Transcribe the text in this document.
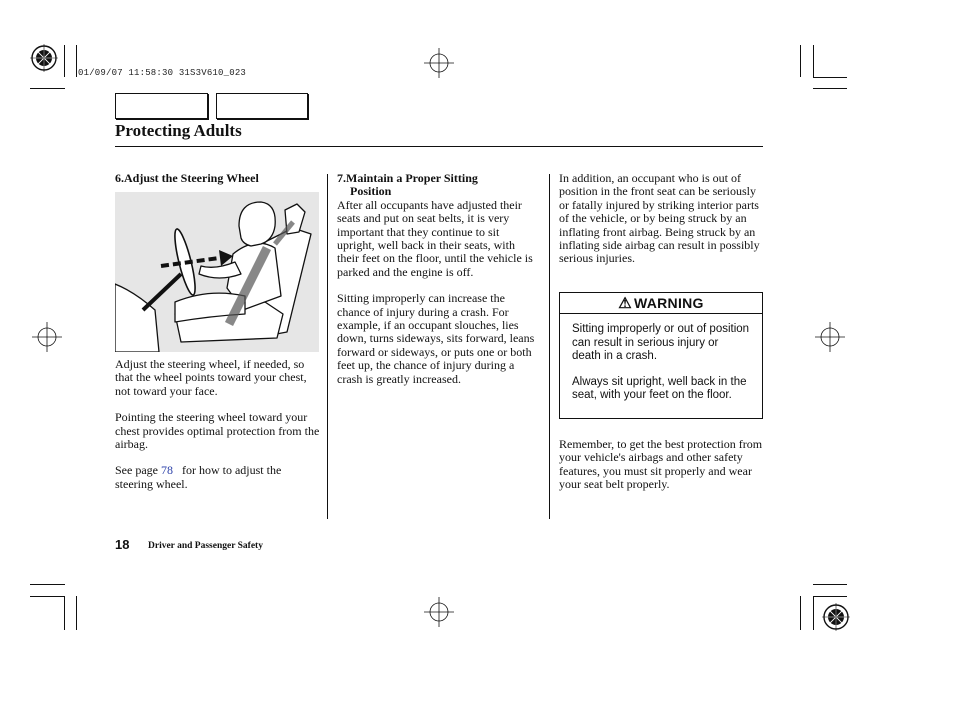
01/09/07 11:58:30 31S3V610_023
Protecting Adults
6.Adjust the Steering Wheel

Adjust the steering wheel, if needed, so that the wheel points toward your chest, not toward your face.

Pointing the steering wheel toward your chest provides optimal protection from the airbag.

See page 78 for how to adjust the steering wheel.

7.Maintain a Proper Sitting
Position

After all occupants have adjusted their seats and put on seat belts, it is very important that they continue to sit upright, well back in their seats, with their feet on the floor, until the vehicle is parked and the engine is off.

Sitting improperly can increase the chance of injury during a crash. For example, if an occupant slouches, lies down, turns sideways, sits forward, leans forward or sideways, or puts one or both feet up, the chance of injury during a crash is greatly increased.

In addition, an occupant who is out of position in the front seat can be seriously or fatally injured by striking interior parts of the vehicle, or by being struck by an inflating front airbag. Being struck by an inflating side airbag can result in possibly serious injuries.

⚠ WARNING

Sitting improperly or out of position can result in serious injury or death in a crash.

Always sit upright, well back in the seat, with your feet on the floor.

Remember, to get the best protection from your vehicle's airbags and other safety features, you must sit properly and wear your seat belt properly.

18 Driver and Passenger Safety
